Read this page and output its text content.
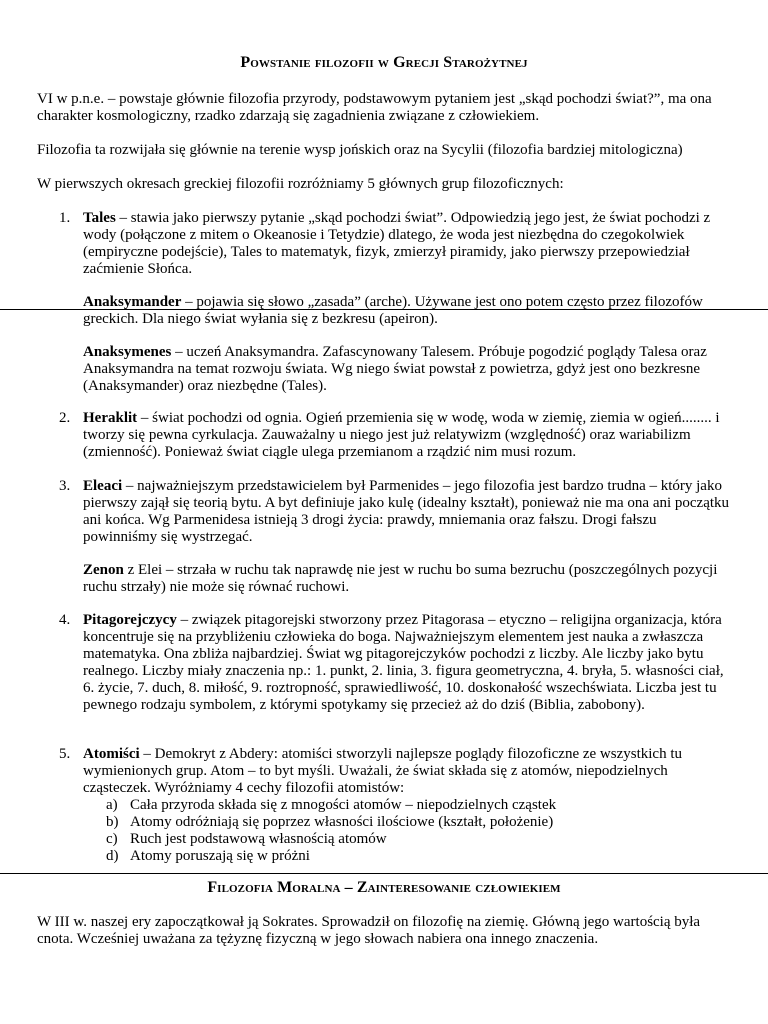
Powstanie filozofii w Grecji Starożytnej

VI w p.n.e. – powstaje głównie filozofia przyrody, podstawowym pytaniem jest „skąd pochodzi świat?”, ma ona charakter kosmologiczny, rzadko zdarzają się zagadnienia związane z człowiekiem.

Filozofia ta rozwijała się głównie na terenie wysp jońskich oraz na Sycylii (filozofia bardziej mitologiczna)

W pierwszych okresach greckiej filozofii rozróżniamy 5 głównych grup filozoficznych:

1. Tales – stawia jako pierwszy pytanie „skąd pochodzi świat”. Odpowiedzią jego jest, że świat pochodzi z wody (połączone z mitem o Okeanosie i Tetydzie) dlatego, że woda jest niezbędna do czegokolwiek (empiryczne podejście), Tales to matematyk, fizyk, zmierzył piramidy, jako pierwszy przepowiedział zaćmienie Słońca.

Anaksymander – pojawia się słowo „zasada” (arche). Używane jest ono potem często przez filozofów greckich. Dla niego świat wyłania się z bezkresu (apeiron).

Anaksymenes – uczeń Anaksymandra. Zafascynowany Talesem. Próbuje pogodzić poglądy Talesa oraz Anaksymandra na temat rozwoju świata. Wg niego świat powstał z powietrza, gdyż jest ono bezkresne (Anaksymander) oraz niezbędne (Tales).

2. Heraklit – świat pochodzi od ognia. Ogień przemienia się w wodę, woda w ziemię, ziemia w ogień........ i tworzy się pewna cyrkulacja. Zauważalny u niego jest już relatywizm (względność) oraz wariabilizm (zmienność). Ponieważ świat ciągle ulega przemianom a rządzić nim musi rozum.

3. Eleaci – najważniejszym przedstawicielem był Parmenides – jego filozofia jest bardzo trudna – który jako pierwszy zajął się teorią bytu. A byt definiuje jako kulę (idealny kształt), ponieważ nie ma ona ani początku ani końca. Wg Parmenidesa istnieją 3 drogi życia: prawdy, mniemania oraz fałszu. Drogi fałszu powinniśmy się wystrzegać.

Zenon z Elei – strzała w ruchu tak naprawdę nie jest w ruchu bo suma bezruchu (poszczególnych pozycji ruchu strzały) nie może się równać ruchowi.

4. Pitagorejczycy – związek pitagorejski stworzony przez Pitagorasa – etyczno – religijna organizacja, która koncentruje się na przybliżeniu człowieka do boga. Najważniejszym elementem jest nauka a zwłaszcza matematyka. Ona zbliża najbardziej. Świat wg pitagorejczyków pochodzi z liczby. Ale liczby jako bytu realnego. Liczby miały znaczenia np.: 1. punkt, 2. linia, 3. figura geometryczna, 4. bryła, 5. własności ciał, 6. życie, 7. duch, 8. miłość, 9. roztropność, sprawiedliwość, 10. doskonałość wszechświata. Liczba jest tu pewnego rodzaju symbolem, z którymi spotykamy się przecież aż do dziś (Biblia, zabobony).

5. Atomiści – Demokryt z Abdery: atomiści stworzyli najlepsze poglądy filozoficzne ze wszystkich tu wymienionych grup. Atom – to byt myśli. Uważali, że świat składa się z atomów, niepodzielnych cząsteczek. Wyróżniamy 4 cechy filozofii atomistów:

a) Cała przyroda składa się z mnogości atomów – niepodzielnych cząstek
b) Atomy odróżniają się poprzez własności ilościowe (kształt, położenie)
c) Ruch jest podstawową własnością atomów
d) Atomy poruszają się w próżni
Filozofia Moralna – Zainteresowanie człowiekiem

W III w. naszej ery zapoczątkował ją Sokrates. Sprowadził on filozofię na ziemię. Główną jego wartością była cnota. Wcześniej uważana za tężyznę fizyczną w jego słowach nabiera ona innego znaczenia.
